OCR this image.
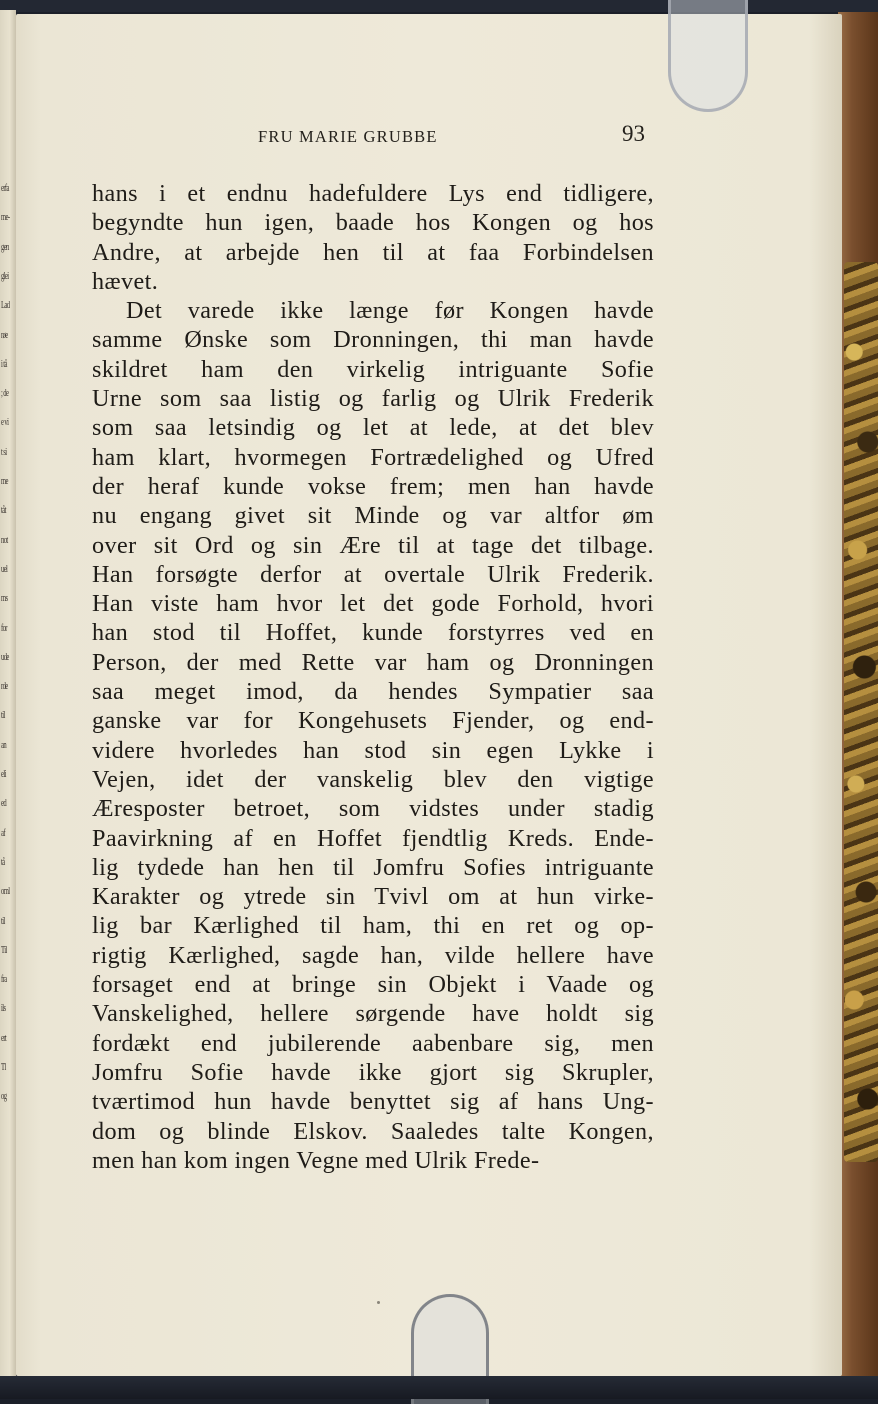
erfa
me-
gen
glei
Lad
røe
i tå
; de
e vi
t si
me
tåt
not
uel
ms
for
ude
rde
til
an
eli
ed
af
tå
oml
til
Til
fra
ils
ert
Tl
og
FRU MARIE GRUBBE	93
hans i et endnu hadefuldere Lys end tidligere,
begyndte hun igen, baade hos Kongen og hos
Andre, at arbejde hen til at faa Forbindelsen
hævet.
Det varede ikke længe før Kongen havde
samme Ønske som Dronningen, thi man havde
skildret ham den virkelig intriguante Sofie
Urne som saa listig og farlig og Ulrik Frederik
som saa letsindig og let at lede, at det blev
ham klart, hvormegen Fortrædelighed og Ufred
der heraf kunde vokse frem; men han havde
nu engang givet sit Minde og var altfor øm
over sit Ord og sin Ære til at tage det tilbage.
Han forsøgte derfor at overtale Ulrik Frederik.
Han viste ham hvor let det gode Forhold, hvori
han stod til Hoffet, kunde forstyrres ved en
Person, der med Rette var ham og Dronningen
saa meget imod, da hendes Sympatier saa
ganske var for Kongehusets Fjender, og end-
videre hvorledes han stod sin egen Lykke i
Vejen, idet der vanskelig blev den vigtige
Æresposter betroet, som vidstes under stadig
Paavirkning af en Hoffet fjendtlig Kreds. Ende-
lig tydede han hen til Jomfru Sofies intriguante
Karakter og ytrede sin Tvivl om at hun virke-
lig bar Kærlighed til ham, thi en ret og op-
rigtig Kærlighed, sagde han, vilde hellere have
forsaget end at bringe sin Objekt i Vaade og
Vanskelighed, hellere sørgende have holdt sig
fordækt end jubilerende aabenbare sig, men
Jomfru Sofie havde ikke gjort sig Skrupler,
tværtimod hun havde benyttet sig af hans Ung-
dom og blinde Elskov. Saaledes talte Kongen,
men han kom ingen Vegne med Ulrik Frede-
